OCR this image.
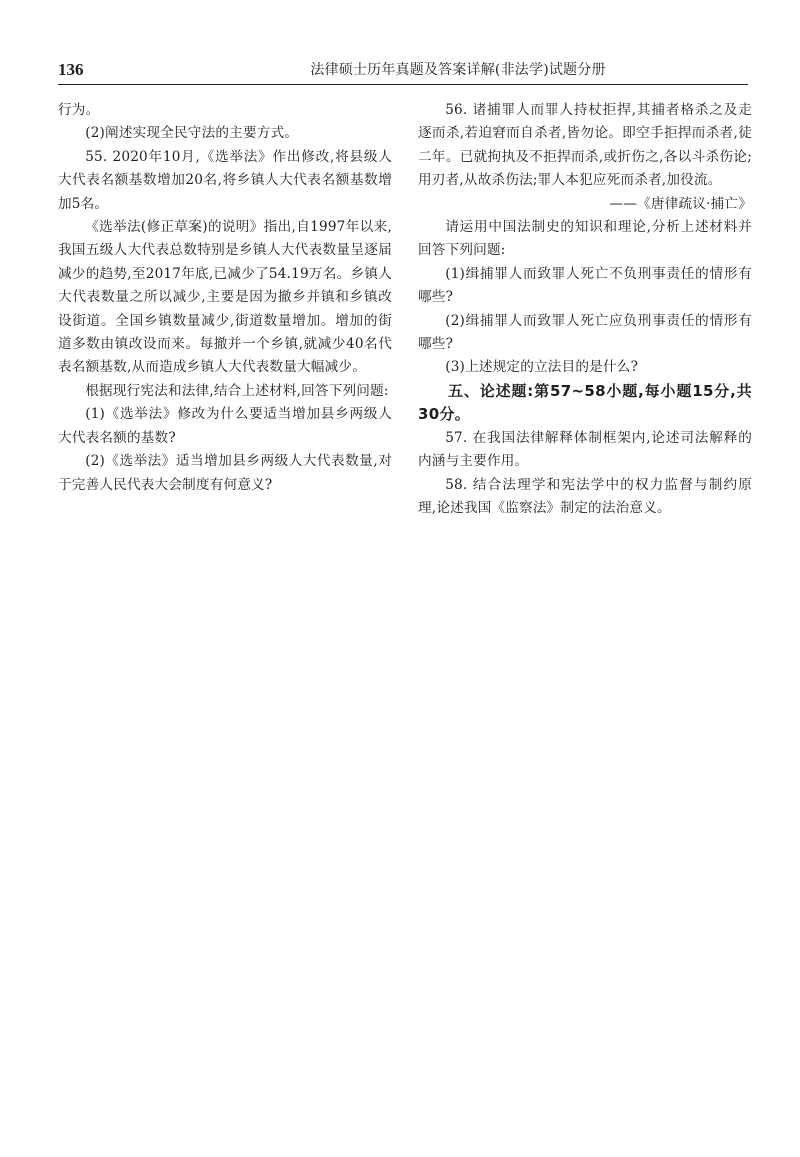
136	法律硕士历年真题及答案详解(非法学)试题分册

行为。

(2)阐述实现全民守法的主要方式。

55. 2020年10月,《选举法》作出修改,将县级人大代表名额基数增加20名,将乡镇人大代表名额基数增加5名。

《选举法(修正草案)的说明》指出,自1997年以来,我国五级人大代表总数特别是乡镇人大代表数量呈逐届减少的趋势,至2017年底,已减少了54.19万名。乡镇人大代表数量之所以减少,主要是因为撤乡并镇和乡镇改设街道。全国乡镇数量减少,街道数量增加。增加的街道多数由镇改设而来。每撤并一个乡镇,就减少40名代表名额基数,从而造成乡镇人大代表数量大幅减少。

根据现行宪法和法律,结合上述材料,回答下列问题:

(1)《选举法》修改为什么要适当增加县乡两级人大代表名额的基数?

(2)《选举法》适当增加县乡两级人大代表数量,对于完善人民代表大会制度有何意义?

56. 诸捕罪人而罪人持杖拒捍,其捕者格杀之及走逐而杀,若迫窘而自杀者,皆勿论。即空手拒捍而杀者,徒二年。已就拘执及不拒捍而杀,或折伤之,各以斗杀伤论;用刃者,从故杀伤法;罪人本犯应死而杀者,加役流。

——《唐律疏议·捕亡》

请运用中国法制史的知识和理论,分析上述材料并回答下列问题:

(1)缉捕罪人而致罪人死亡不负刑事责任的情形有哪些?

(2)缉捕罪人而致罪人死亡应负刑事责任的情形有哪些?

(3)上述规定的立法目的是什么?

五、论述题:第57~58小题,每小题15分,共30分。

57. 在我国法律解释体制框架内,论述司法解释的内涵与主要作用。

58. 结合法理学和宪法学中的权力监督与制约原理,论述我国《监察法》制定的法治意义。
